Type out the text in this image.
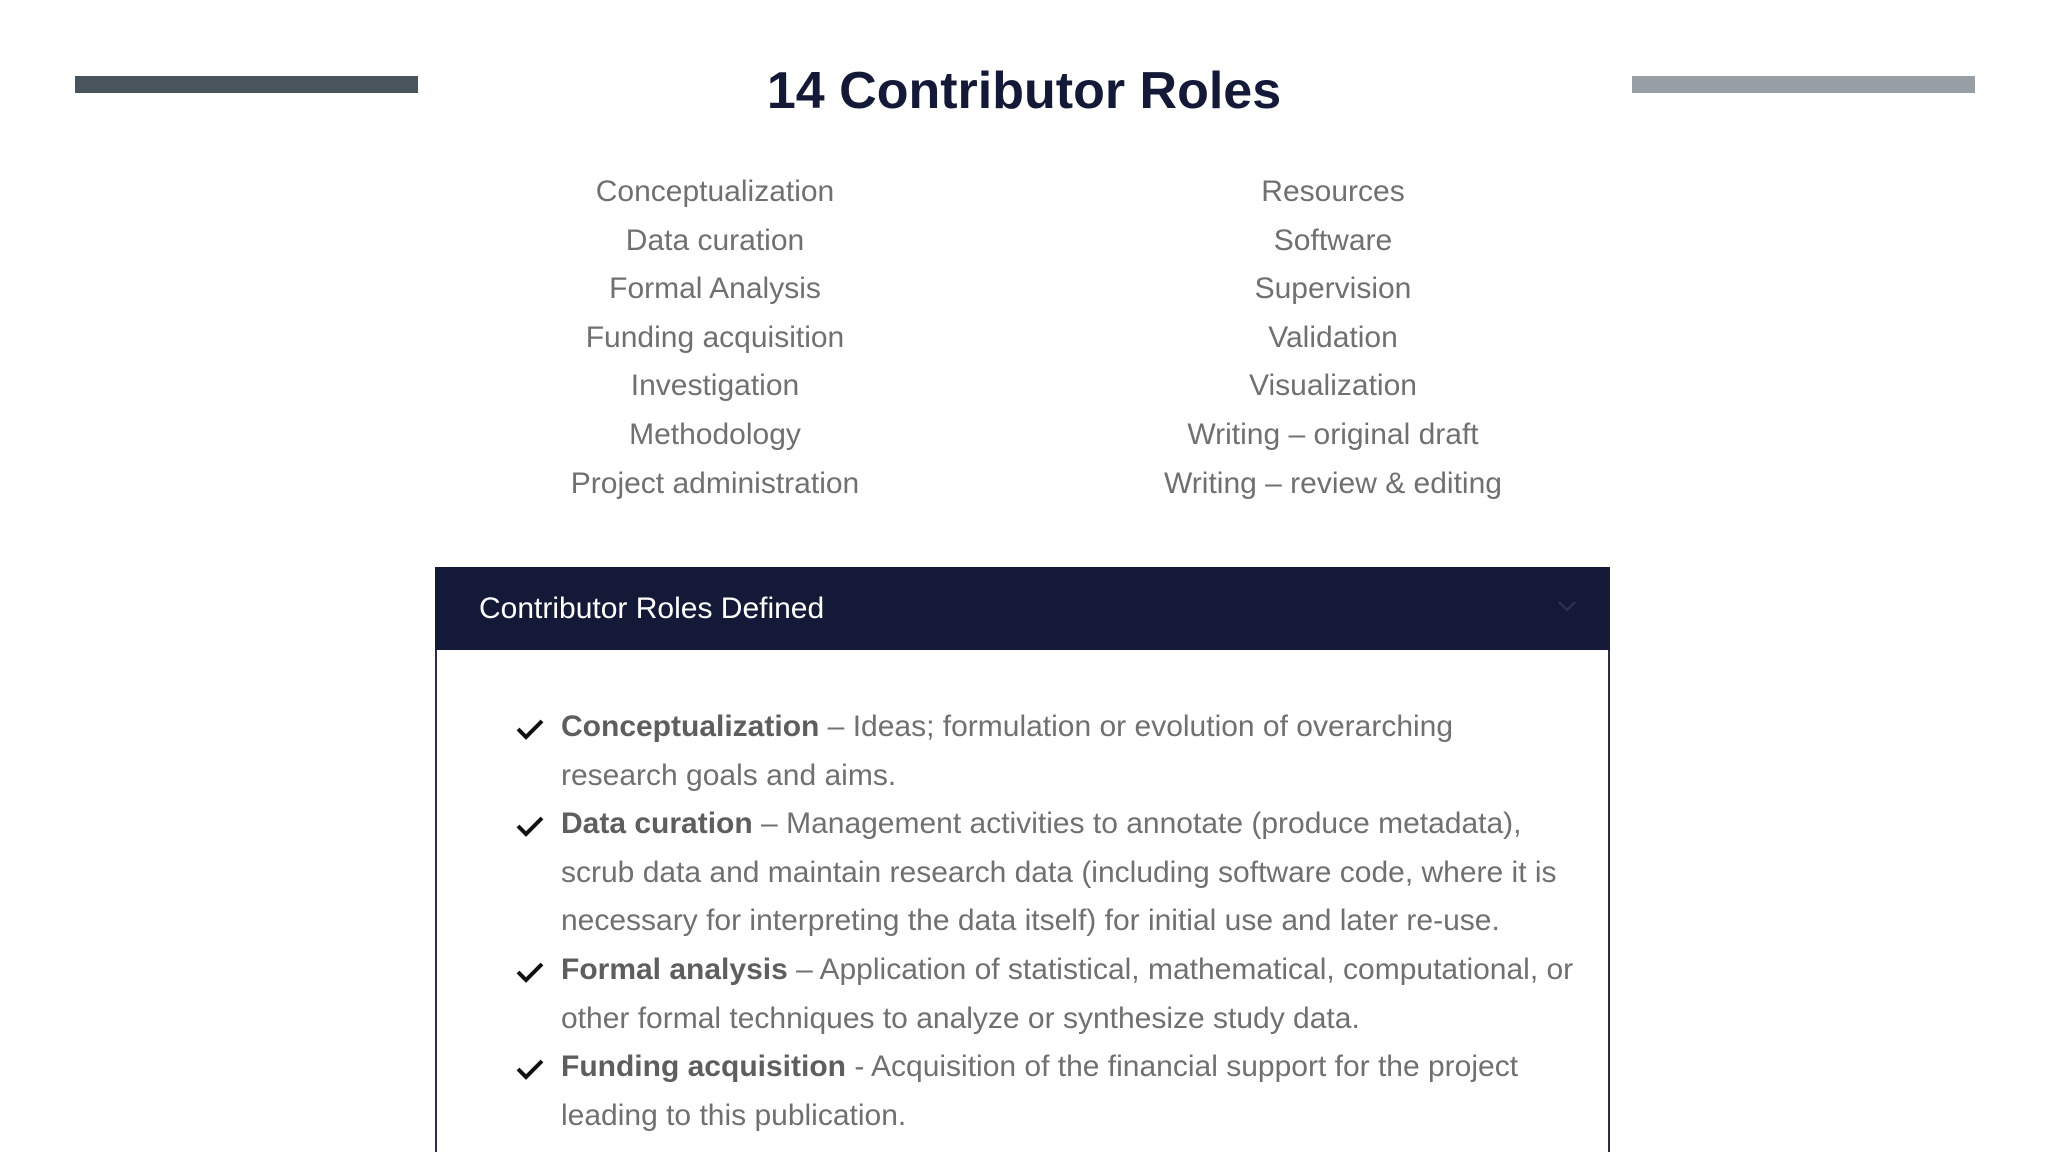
14 Contributor Roles
Conceptualization
Data curation
Formal Analysis
Funding acquisition
Investigation
Methodology
Project administration
Resources
Software
Supervision
Validation
Visualization
Writing – original draft
Writing – review & editing
Contributor Roles Defined
Conceptualization – Ideas; formulation or evolution of overarching research goals and aims.
Data curation – Management activities to annotate (produce metadata), scrub data and maintain research data (including software code, where it is necessary for interpreting the data itself) for initial use and later re-use.
Formal analysis – Application of statistical, mathematical, computational, or other formal techniques to analyze or synthesize study data.
Funding acquisition - Acquisition of the financial support for the project leading to this publication.
